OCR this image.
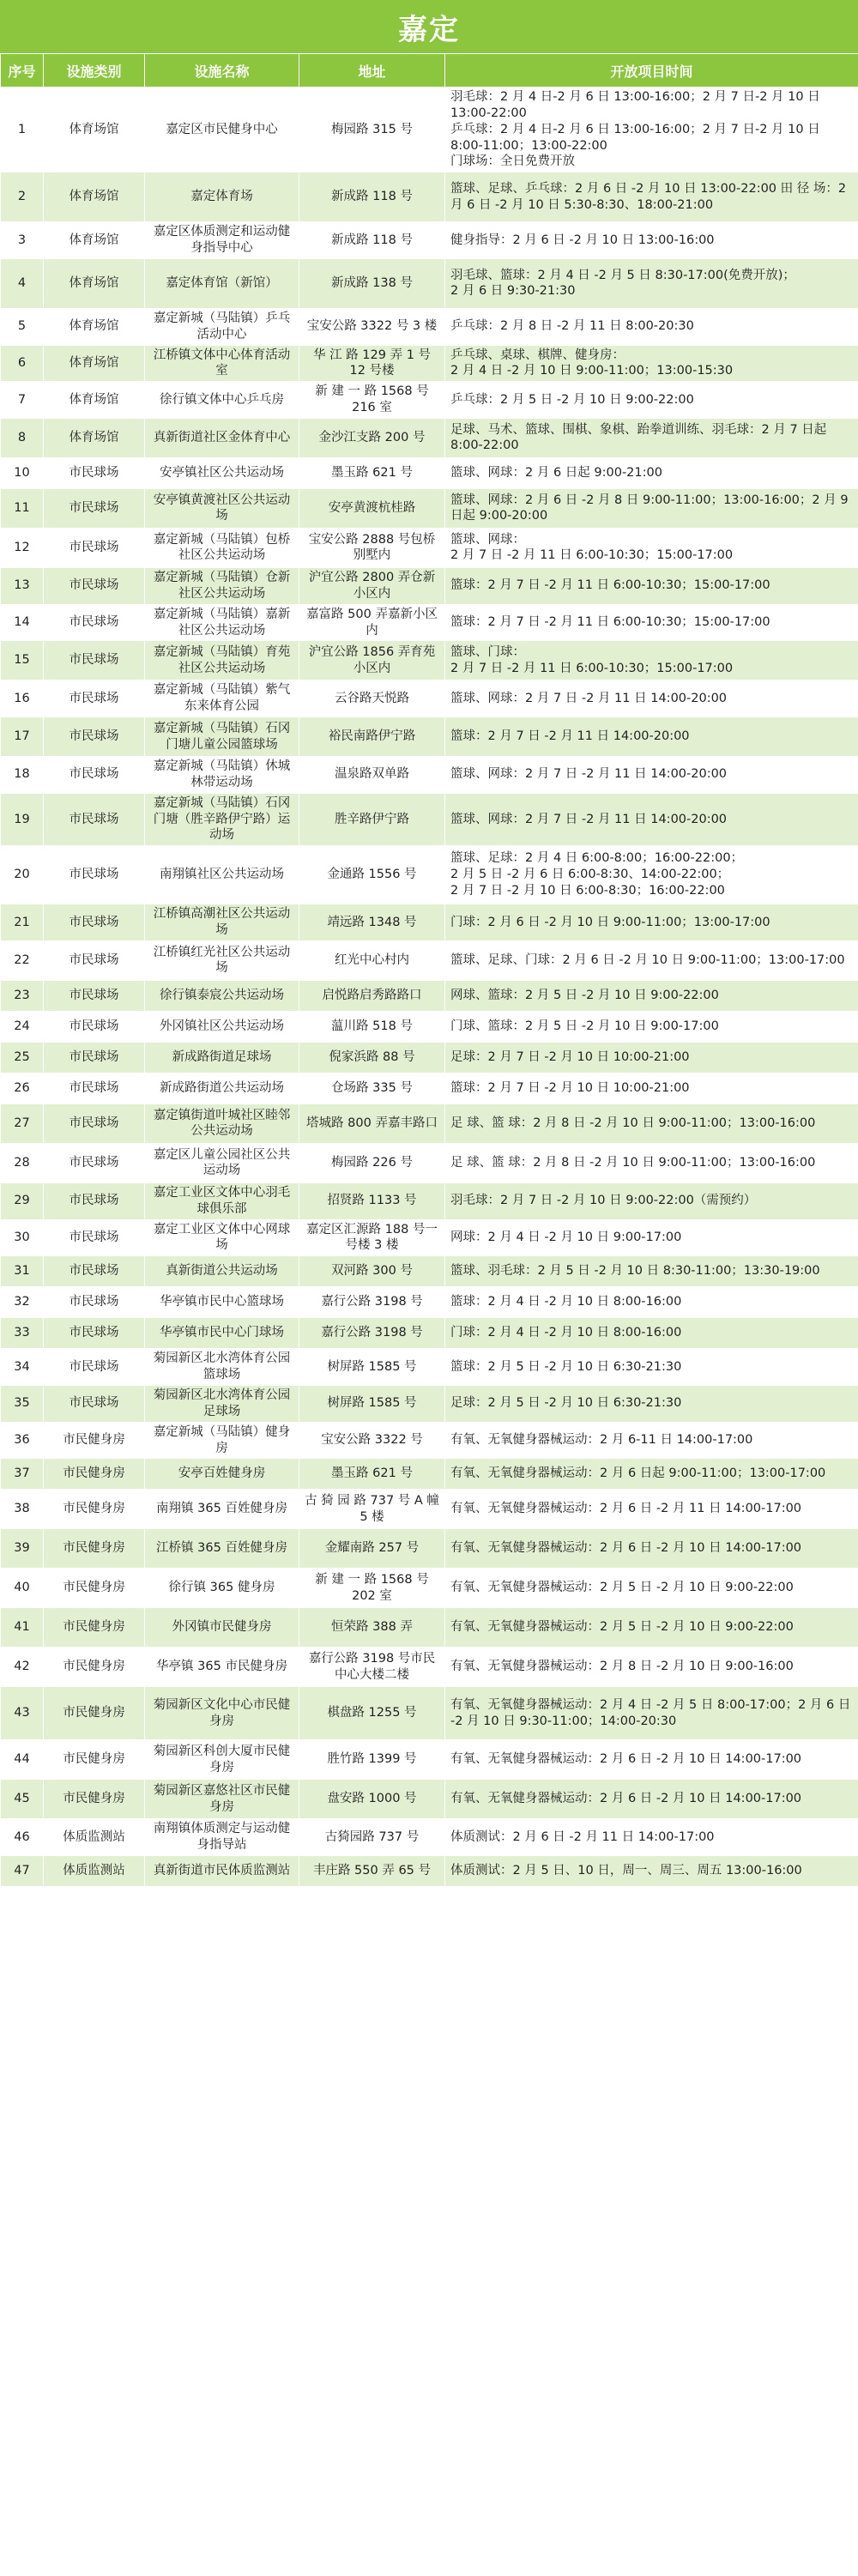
嘉定
序号	设施类别	设施名称	地址	开放项目时间
1	体育场馆	嘉定区市民健身中心	梅园路 315 号	羽毛球：2 月 4 日-2 月 6 日 13:00-16:00；2 月 7 日-2 月 10 日 13:00-22:00
乒乓球：2 月 4 日-2 月 6 日 13:00-16:00；2 月 7 日-2 月 10 日 8:00-11:00；13:00-22:00
门球场：全日免费开放
2	体育场馆	嘉定体育场	新成路 118 号	篮球、足球、乒乓球：2 月 6 日 -2 月 10 日 13:00-22:00 田 径 场：2 月 6 日 -2 月 10 日 5:30-8:30、18:00-21:00
3	体育场馆	嘉定区体质测定和运动健身指导中心	新成路 118 号	健身指导：2 月 6 日 -2 月 10 日 13:00-16:00
4	体育场馆	嘉定体育馆（新馆）	新成路 138 号	羽毛球、篮球：2 月 4 日 -2 月 5 日 8:30-17:00(免费开放)；
2 月 6 日 9:30-21:30
5	体育场馆	嘉定新城（马陆镇）乒乓活动中心	宝安公路 3322 号 3 楼	乒乓球：2 月 8 日 -2 月 11 日 8:00-20:30
6	体育场馆	江桥镇文体中心体育活动室	华 江 路 129 弄 1 号 12 号楼	乒乓球、桌球、棋牌、健身房：
2 月 4 日 -2 月 10 日 9:00-11:00；13:00-15:30
7	体育场馆	徐行镇文体中心乒乓房	新 建 一 路 1568 号 216 室	乒乓球：2 月 5 日 -2 月 10 日 9:00-22:00
8	体育场馆	真新街道社区金体育中心	金沙江支路 200 号	足球、马术、篮球、围棋、象棋、跆拳道训练、羽毛球：2 月 7 日起 8:00-22:00
10	市民球场	安亭镇社区公共运动场	墨玉路 621 号	篮球、网球：2 月 6 日起 9:00-21:00
11	市民球场	安亭镇黄渡社区公共运动场	安亭黄渡杭桂路	篮球、网球：2 月 6 日 -2 月 8 日 9:00-11:00；13:00-16:00；2 月 9 日起 9:00-20:00
12	市民球场	嘉定新城（马陆镇）包桥社区公共运动场	宝安公路 2888 号包桥别墅内	篮球、网球：
2 月 7 日 -2 月 11 日 6:00-10:30；15:00-17:00
13	市民球场	嘉定新城（马陆镇）仓新社区公共运动场	沪宜公路 2800 弄仓新小区内	篮球：2 月 7 日 -2 月 11 日 6:00-10:30；15:00-17:00
14	市民球场	嘉定新城（马陆镇）嘉新社区公共运动场	嘉富路 500 弄嘉新小区内	篮球：2 月 7 日 -2 月 11 日 6:00-10:30；15:00-17:00
15	市民球场	嘉定新城（马陆镇）育苑社区公共运动场	沪宜公路 1856 弄育苑小区内	篮球、门球：
2 月 7 日 -2 月 11 日 6:00-10:30；15:00-17:00
16	市民球场	嘉定新城（马陆镇）紫气东来体育公园	云谷路天悦路	篮球、网球：2 月 7 日 -2 月 11 日 14:00-20:00
17	市民球场	嘉定新城（马陆镇）石冈门塘儿童公园篮球场	裕民南路伊宁路	篮球：2 月 7 日 -2 月 11 日 14:00-20:00
18	市民球场	嘉定新城（马陆镇）休城林带运动场	温泉路双单路	篮球、网球：2 月 7 日 -2 月 11 日 14:00-20:00
19	市民球场	嘉定新城（马陆镇）石冈门塘（胜辛路伊宁路）运动场	胜辛路伊宁路	篮球、网球：2 月 7 日 -2 月 11 日 14:00-20:00
20	市民球场	南翔镇社区公共运动场	金通路 1556 号	篮球、足球：2 月 4 日 6:00-8:00；16:00-22:00；
2 月 5 日 -2 月 6 日 6:00-8:30、14:00-22:00；
2 月 7 日 -2 月 10 日 6:00-8:30；16:00-22:00
21	市民球场	江桥镇高潮社区公共运动场	靖远路 1348 号	门球：2 月 6 日 -2 月 10 日 9:00-11:00；13:00-17:00
22	市民球场	江桥镇红光社区公共运动场	红光中心村内	篮球、足球、门球：2 月 6 日 -2 月 10 日 9:00-11:00；13:00-17:00
23	市民球场	徐行镇泰宸公共运动场	启悦路启秀路路口	网球、篮球：2 月 5 日 -2 月 10 日 9:00-22:00
24	市民球场	外冈镇社区公共运动场	蕰川路 518 号	门球、篮球：2 月 5 日 -2 月 10 日 9:00-17:00
25	市民球场	新成路街道足球场	倪家浜路 88 号	足球：2 月 7 日 -2 月 10 日 10:00-21:00
26	市民球场	新成路街道公共运动场	仓场路 335 号	篮球：2 月 7 日 -2 月 10 日 10:00-21:00
27	市民球场	嘉定镇街道叶城社区睦邻公共运动场	塔城路 800 弄嘉丰路口	足 球、篮 球：2 月 8 日 -2 月 10 日 9:00-11:00；13:00-16:00
28	市民球场	嘉定区儿童公园社区公共运动场	梅园路 226 号	足 球、篮 球：2 月 8 日 -2 月 10 日 9:00-11:00；13:00-16:00
29	市民球场	嘉定工业区文体中心羽毛球俱乐部	招贤路 1133 号	羽毛球：2 月 7 日 -2 月 10 日 9:00-22:00（需预约）
30	市民球场	嘉定工业区文体中心网球场	嘉定区汇源路 188 号一号楼 3 楼	网球：2 月 4 日 -2 月 10 日 9:00-17:00
31	市民球场	真新街道公共运动场	双河路 300 号	篮球、羽毛球：2 月 5 日 -2 月 10 日 8:30-11:00；13:30-19:00
32	市民球场	华亭镇市民中心篮球场	嘉行公路 3198 号	篮球：2 月 4 日 -2 月 10 日 8:00-16:00
33	市民球场	华亭镇市民中心门球场	嘉行公路 3198 号	门球：2 月 4 日 -2 月 10 日 8:00-16:00
34	市民球场	菊园新区北水湾体育公园篮球场	树屏路 1585 号	篮球：2 月 5 日 -2 月 10 日 6:30-21:30
35	市民球场	菊园新区北水湾体育公园足球场	树屏路 1585 号	足球：2 月 5 日 -2 月 10 日 6:30-21:30
36	市民健身房	嘉定新城（马陆镇）健身房	宝安公路 3322 号	有氧、无氧健身器械运动：2 月 6-11 日 14:00-17:00
37	市民健身房	安亭百姓健身房	墨玉路 621 号	有氧、无氧健身器械运动：2 月 6 日起 9:00-11:00；13:00-17:00
38	市民健身房	南翔镇 365 百姓健身房	古 猗 园 路 737 号 A 幢 5 楼	有氧、无氧健身器械运动：2 月 6 日 -2 月 11 日 14:00-17:00
39	市民健身房	江桥镇 365 百姓健身房	金耀南路 257 号	有氧、无氧健身器械运动：2 月 6 日 -2 月 10 日 14:00-17:00
40	市民健身房	徐行镇 365 健身房	新 建 一 路 1568 号 202 室	有氧、无氧健身器械运动：2 月 5 日 -2 月 10 日 9:00-22:00
41	市民健身房	外冈镇市民健身房	恒荣路 388 弄	有氧、无氧健身器械运动：2 月 5 日 -2 月 10 日 9:00-22:00
42	市民健身房	华亭镇 365 市民健身房	嘉行公路 3198 号市民中心大楼二楼	有氧、无氧健身器械运动：2 月 8 日 -2 月 10 日 9:00-16:00
43	市民健身房	菊园新区文化中心市民健身房	棋盘路 1255 号	有氧、无氧健身器械运动：2 月 4 日 -2 月 5 日 8:00-17:00；2 月 6 日 -2 月 10 日 9:30-11:00；14:00-20:30
44	市民健身房	菊园新区科创大厦市民健身房	胜竹路 1399 号	有氧、无氧健身器械运动：2 月 6 日 -2 月 10 日 14:00-17:00
45	市民健身房	菊园新区嘉悠社区市民健身房	盘安路 1000 号	有氧、无氧健身器械运动：2 月 6 日 -2 月 10 日 14:00-17:00
46	体质监测站	南翔镇体质测定与运动健身指导站	古猗园路 737 号	体质测试：2 月 6 日 -2 月 11 日 14:00-17:00
47	体质监测站	真新街道市民体质监测站	丰庄路 550 弄 65 号	体质测试：2 月 5 日、10 日，周一、周三、周五 13:00-16:00
